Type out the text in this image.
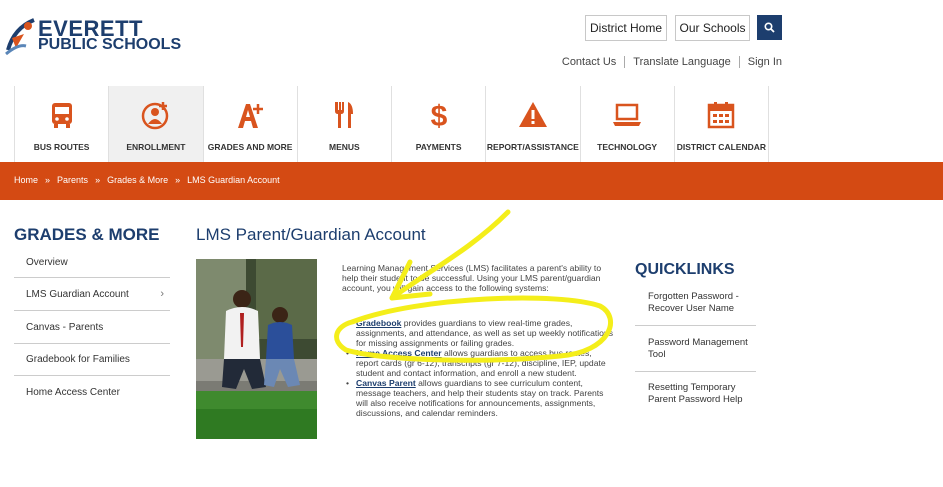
EVERETT
PUBLIC SCHOOLS
District Home	Our Schools
Contact Us	Translate Language	Sign In
BUS ROUTES	ENROLLMENT	GRADES AND MORE	MENUS
$
PAYMENTS	REPORT/ASSISTANCE TECHNOLOGY DISTRICT CALENDAR
Home » Parents » Grades & More » LMS Guardian Account
GRADES & MORE
Overview
LMS Guardian Account	›
Canvas - Parents
Gradebook for Families
Home Access Center
LMS Parent/Guardian Account
Learning Management Services (LMS) facilitates a parent's ability to help their student to be successful. Using your LMS parent/guardian account, you will gain access to the following systems:
• Gradebook provides guardians to view real-time grades, assignments, and attendance, as well as set up weekly notifications for missing assignments or failing grades.
• Home Access Center allows guardians to access bus routes, report cards (gr 6-12), transcripts (gr 7-12), discipline, IEP, update student and contact information, and enroll a new student.
• Canvas Parent allows guardians to see curriculum content, message teachers, and help their students stay on track. Parents will also receive notifications for announcements, assignments, discussions, and calendar reminders.
QUICKLINKS
Forgotten Password - Recover User Name
Password Management Tool
Resetting Temporary Parent Password Help
